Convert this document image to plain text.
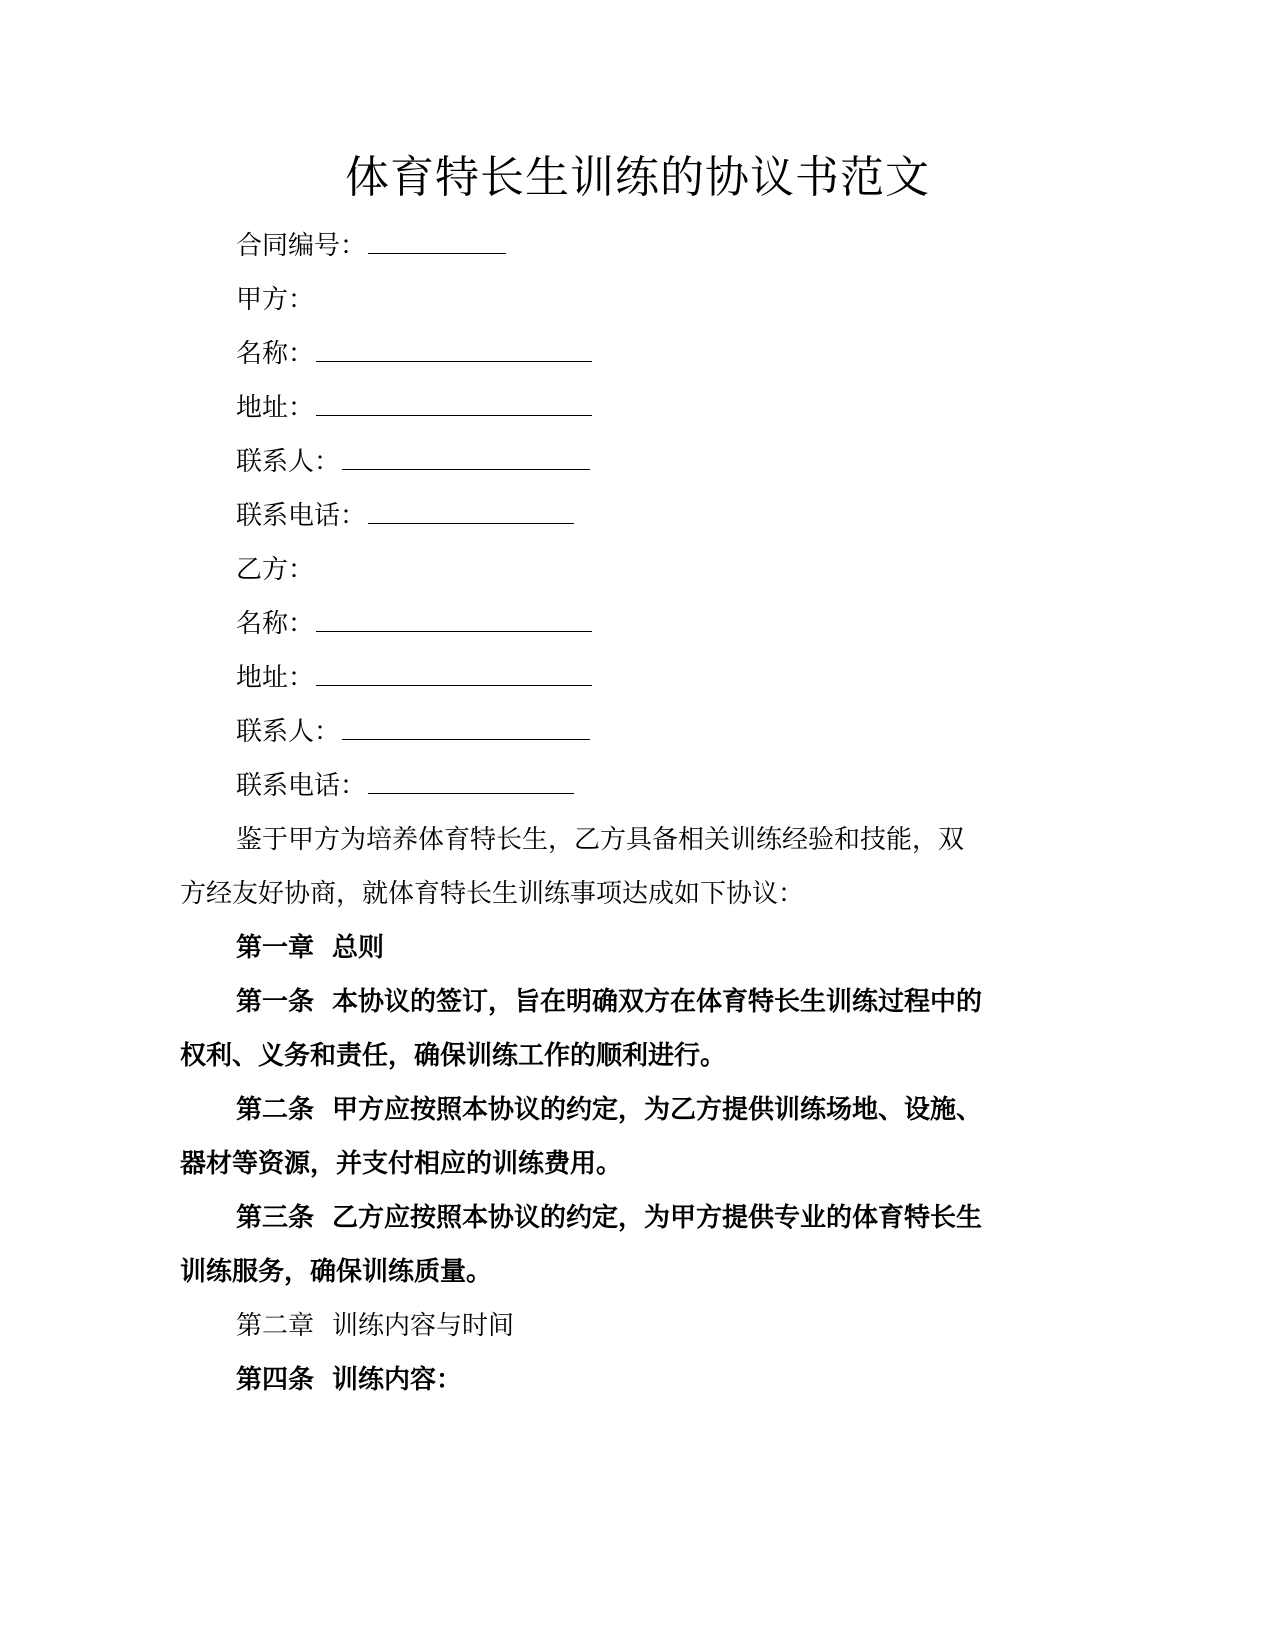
体育特长生训练的协议书范文
合同编号：
甲方：
名称：
地址：
联系人：
联系电话：
乙方：
名称：
地址：
联系人：
联系电话：
鉴于甲方为培养体育特长生，乙方具备相关训练经验和技能，双
方经友好协商，就体育特长生训练事项达成如下协议：
第一章 总则
第一条 本协议的签订，旨在明确双方在体育特长生训练过程中的
权利、义务和责任，确保训练工作的顺利进行。
第二条 甲方应按照本协议的约定，为乙方提供训练场地、设施、
器材等资源，并支付相应的训练费用。
第三条 乙方应按照本协议的约定，为甲方提供专业的体育特长生
训练服务，确保训练质量。
第二章 训练内容与时间
第四条 训练内容：
